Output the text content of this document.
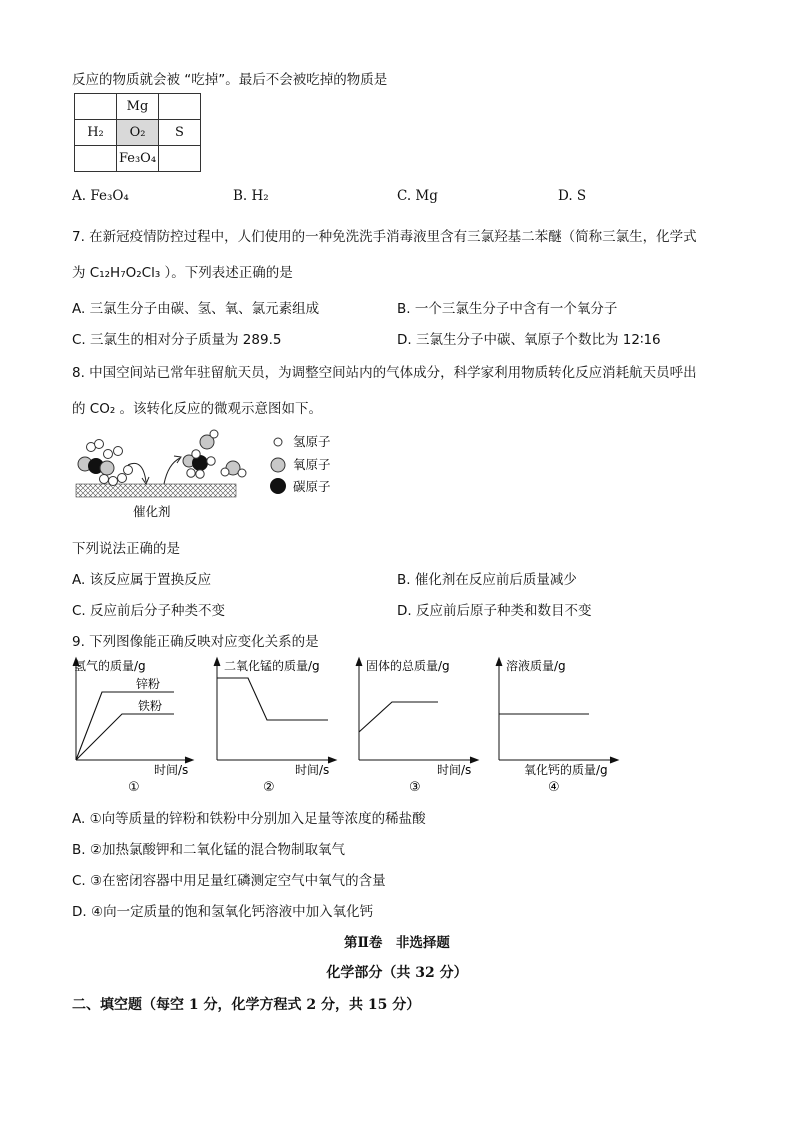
反应的物质就会被 “吃掉”。最后不会被吃掉的物质是
	Mg	
H₂	O₂	S
	Fe₃O₄	
A. Fe₃O₄	B. H₂	C. Mg	D. S
7. 在新冠疫情防控过程中，人们使用的一种免洗洗手消毒液里含有三氯羟基二苯醚（简称三氯生，化学式
为 C₁₂H₇O₂Cl₃ ）。下列表述正确的是
A. 三氯生分子由碳、氢、氧、氯元素组成	B. 一个三氯生分子中含有一个氧分子
C. 三氯生的相对分子质量为 289.5	D. 三氯生分子中碳、氧原子个数比为 12∶16
8. 中国空间站已常年驻留航天员，为调整空间站内的气体成分，科学家利用物质转化反应消耗航天员呼出
的 CO₂ 。该转化反应的微观示意图如下。
氢原子
氧原子
碳原子
催化剂
下列说法正确的是
A. 该反应属于置换反应	B. 催化剂在反应前后质量减少
C. 反应前后分子种类不变	D. 反应前后原子种类和数目不变
9. 下列图像能正确反映对应变化关系的是
氢气的质量/g
锌粉
铁粉
时间/s
①
二氧化锰的质量/g
时间/s
②
固体的总质量/g
时间/s
③
溶液质量/g
氧化钙的质量/g
④
A. ①向等质量的锌粉和铁粉中分别加入足量等浓度的稀盐酸
B. ②加热氯酸钾和二氧化锰的混合物制取氧气
C. ③在密闭容器中用足量红磷测定空气中氧气的含量
D. ④向一定质量的饱和氢氧化钙溶液中加入氧化钙
第Ⅱ卷　非选择题
化学部分（共 32 分）
二、填空题（每空 1 分，化学方程式 2 分，共 15 分）
